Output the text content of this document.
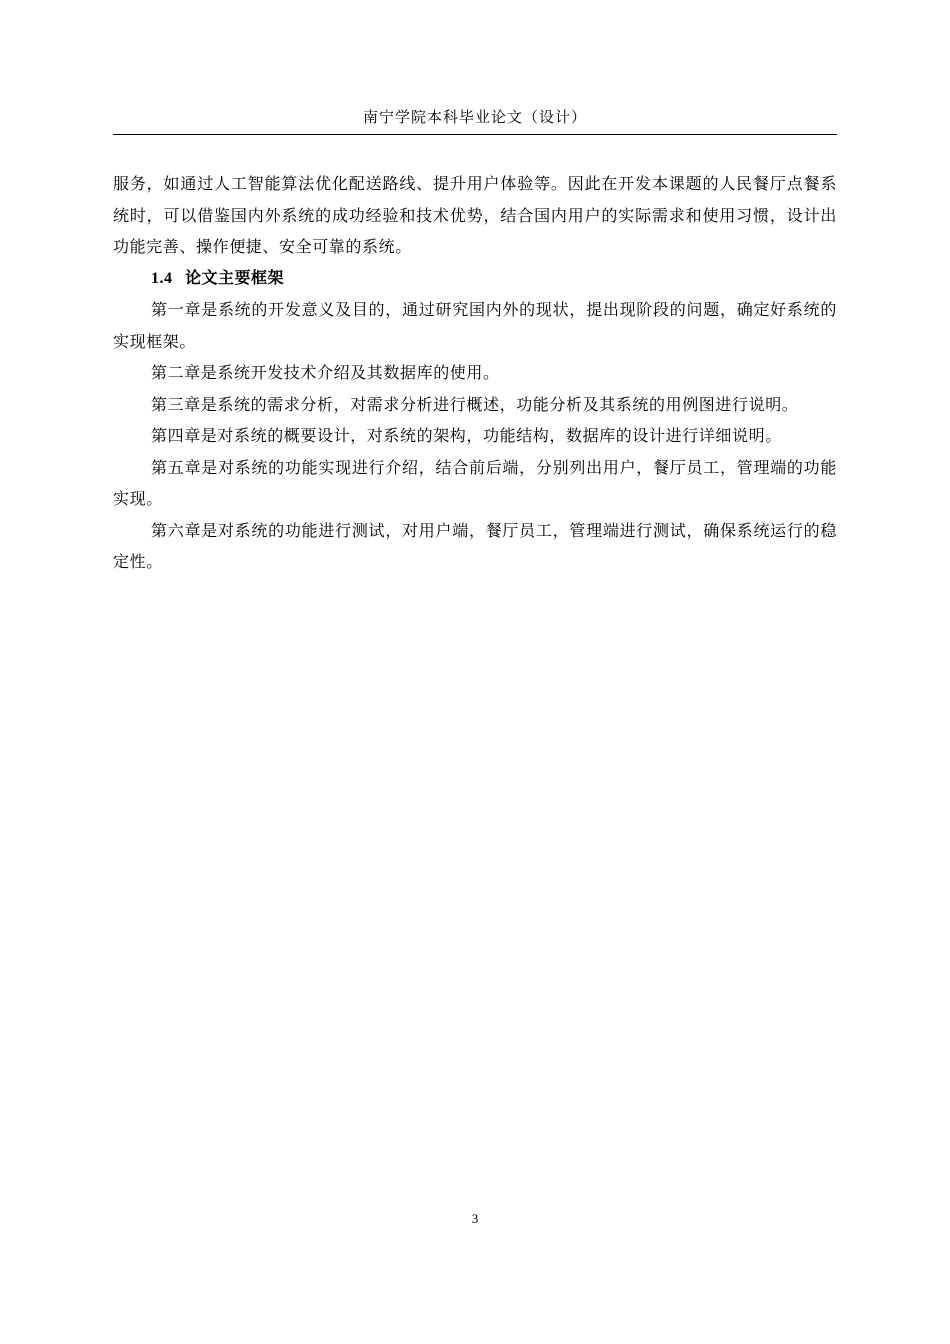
南宁学院本科毕业论文（设计）

服务，如通过人工智能算法优化配送路线、提升用户体验等。因此在开发本课题的人民餐厅点餐系统时，可以借鉴国内外系统的成功经验和技术优势，结合国内用户的实际需求和使用习惯，设计出功能完善、操作便捷、安全可靠的系统。

1.4 论文主要框架

第一章是系统的开发意义及目的，通过研究国内外的现状，提出现阶段的问题，确定好系统的实现框架。

第二章是系统开发技术介绍及其数据库的使用。

第三章是系统的需求分析，对需求分析进行概述，功能分析及其系统的用例图进行说明。

第四章是对系统的概要设计，对系统的架构，功能结构，数据库的设计进行详细说明。

第五章是对系统的功能实现进行介绍，结合前后端，分别列出用户，餐厅员工，管理端的功能实现。

第六章是对系统的功能进行测试，对用户端，餐厅员工，管理端进行测试，确保系统运行的稳定性。

3
